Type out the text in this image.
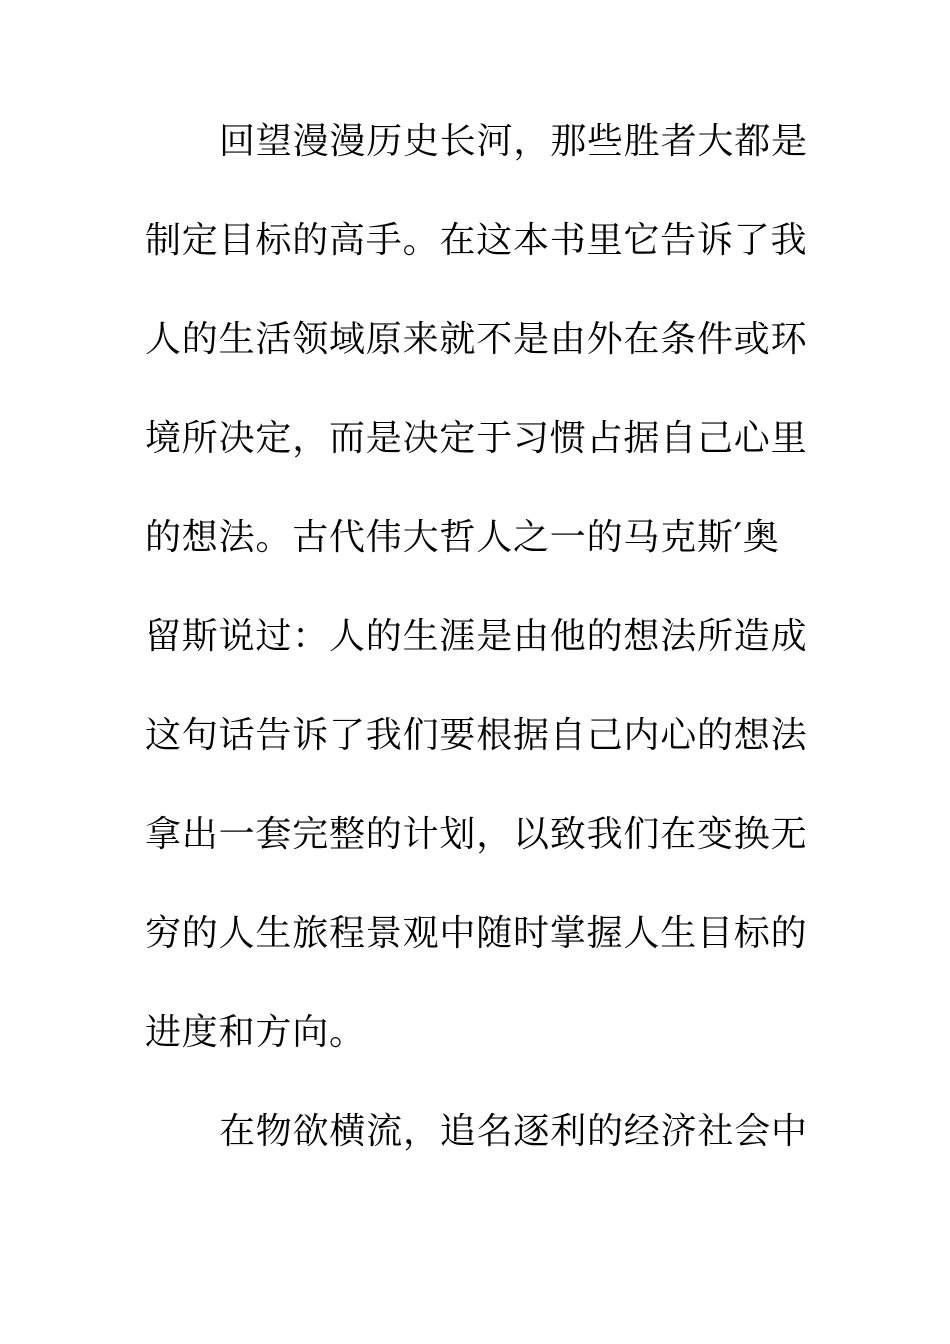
回望漫漫历史长河，那些胜者大都是
制定目标的高手。在这本书里它告诉了我
人的生活领域原来就不是由外在条件或环
境所决定，而是决定于习惯占据自己心里
的想法。古代伟大哲人之一的马克斯′奥
留斯说过：人的生涯是由他的想法所造成
这句话告诉了我们要根据自己内心的想法
拿出一套完整的计划，以致我们在变换无
穷的人生旅程景观中随时掌握人生目标的
进度和方向。
在物欲横流，追名逐利的经济社会中
